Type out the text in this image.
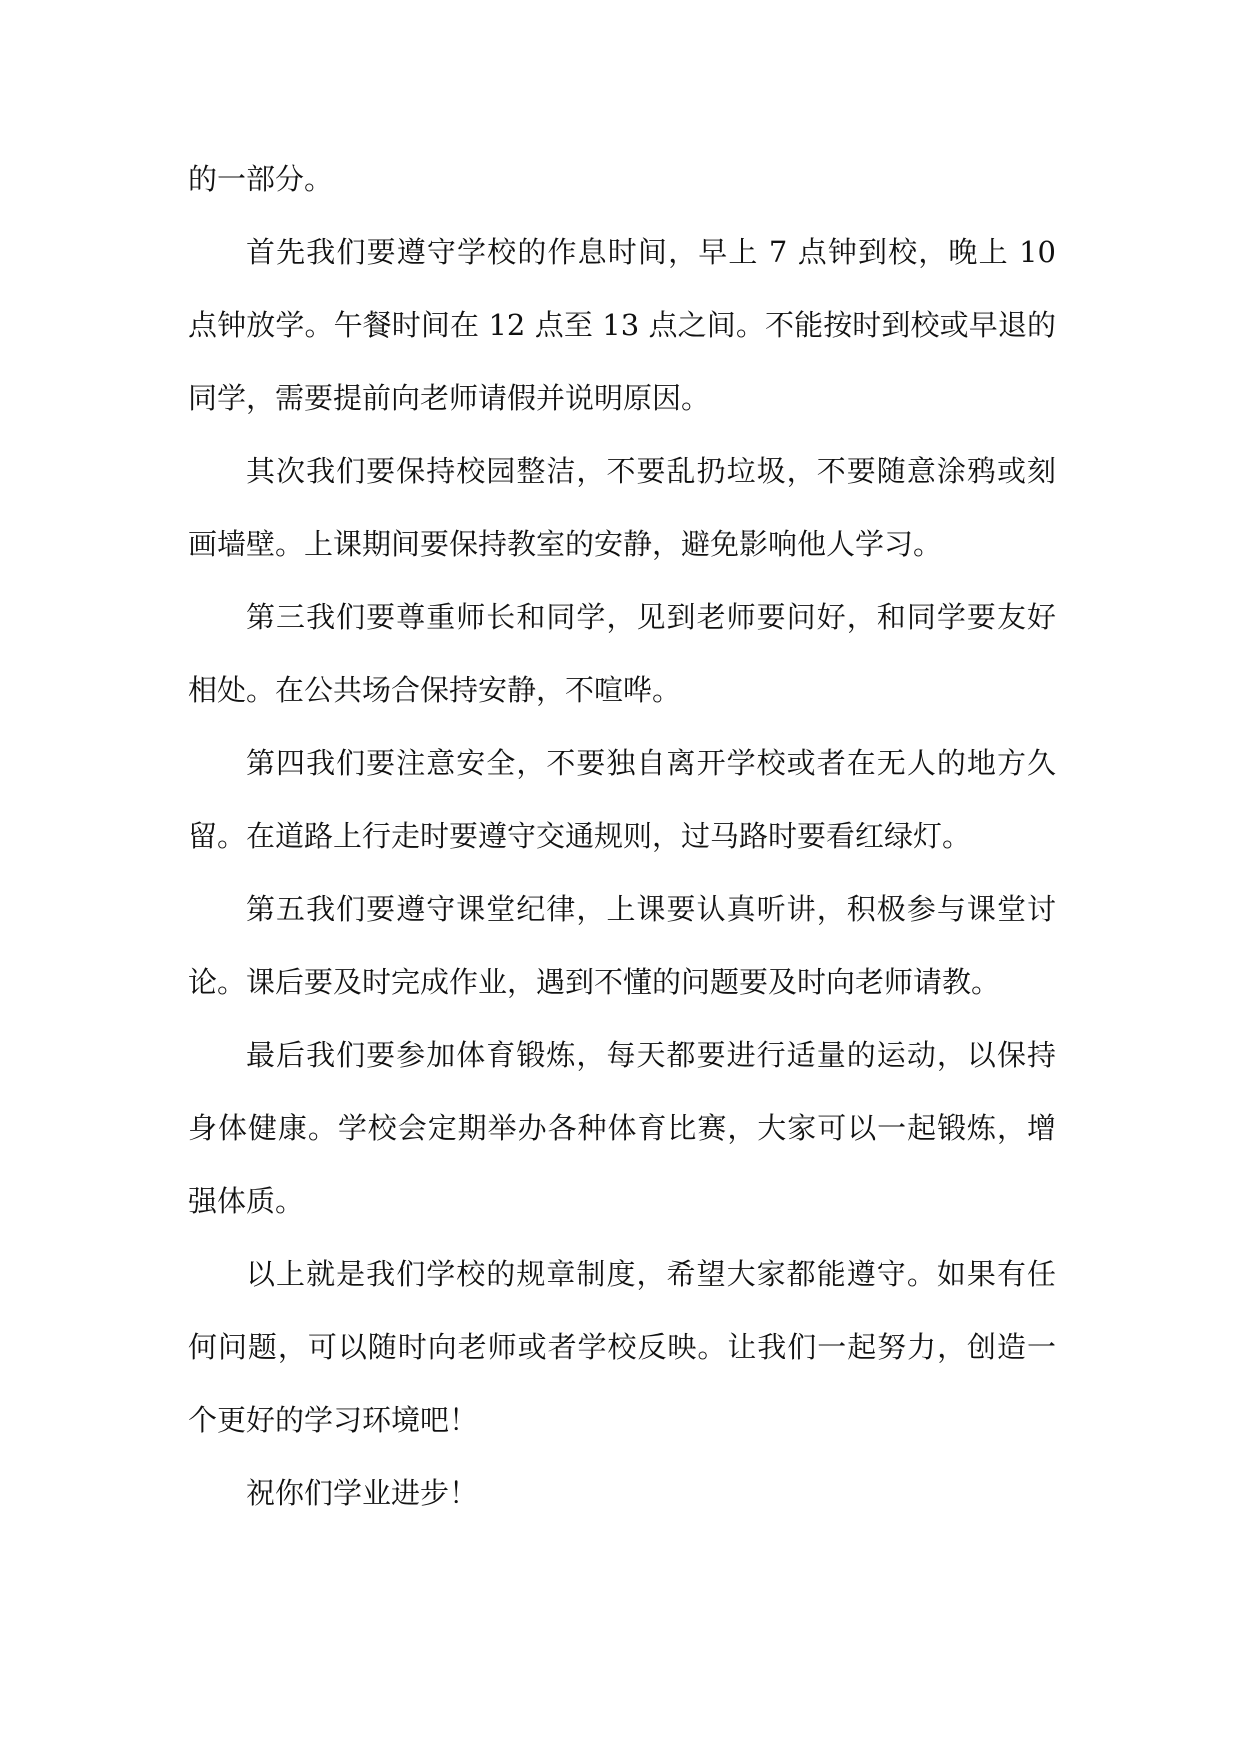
的一部分。

首先我们要遵守学校的作息时间，早上 7 点钟到校，晚上 10 点钟放学。午餐时间在 12 点至 13 点之间。不能按时到校或早退的同学，需要提前向老师请假并说明原因。

其次我们要保持校园整洁，不要乱扔垃圾，不要随意涂鸦或刻画墙壁。上课期间要保持教室的安静，避免影响他人学习。

第三我们要尊重师长和同学，见到老师要问好，和同学要友好相处。在公共场合保持安静，不喧哗。

第四我们要注意安全，不要独自离开学校或者在无人的地方久留。在道路上行走时要遵守交通规则，过马路时要看红绿灯。

第五我们要遵守课堂纪律，上课要认真听讲，积极参与课堂讨论。课后要及时完成作业，遇到不懂的问题要及时向老师请教。

最后我们要参加体育锻炼，每天都要进行适量的运动，以保持身体健康。学校会定期举办各种体育比赛，大家可以一起锻炼，增强体质。

以上就是我们学校的规章制度，希望大家都能遵守。如果有任何问题，可以随时向老师或者学校反映。让我们一起努力，创造一个更好的学习环境吧！

祝你们学业进步！
